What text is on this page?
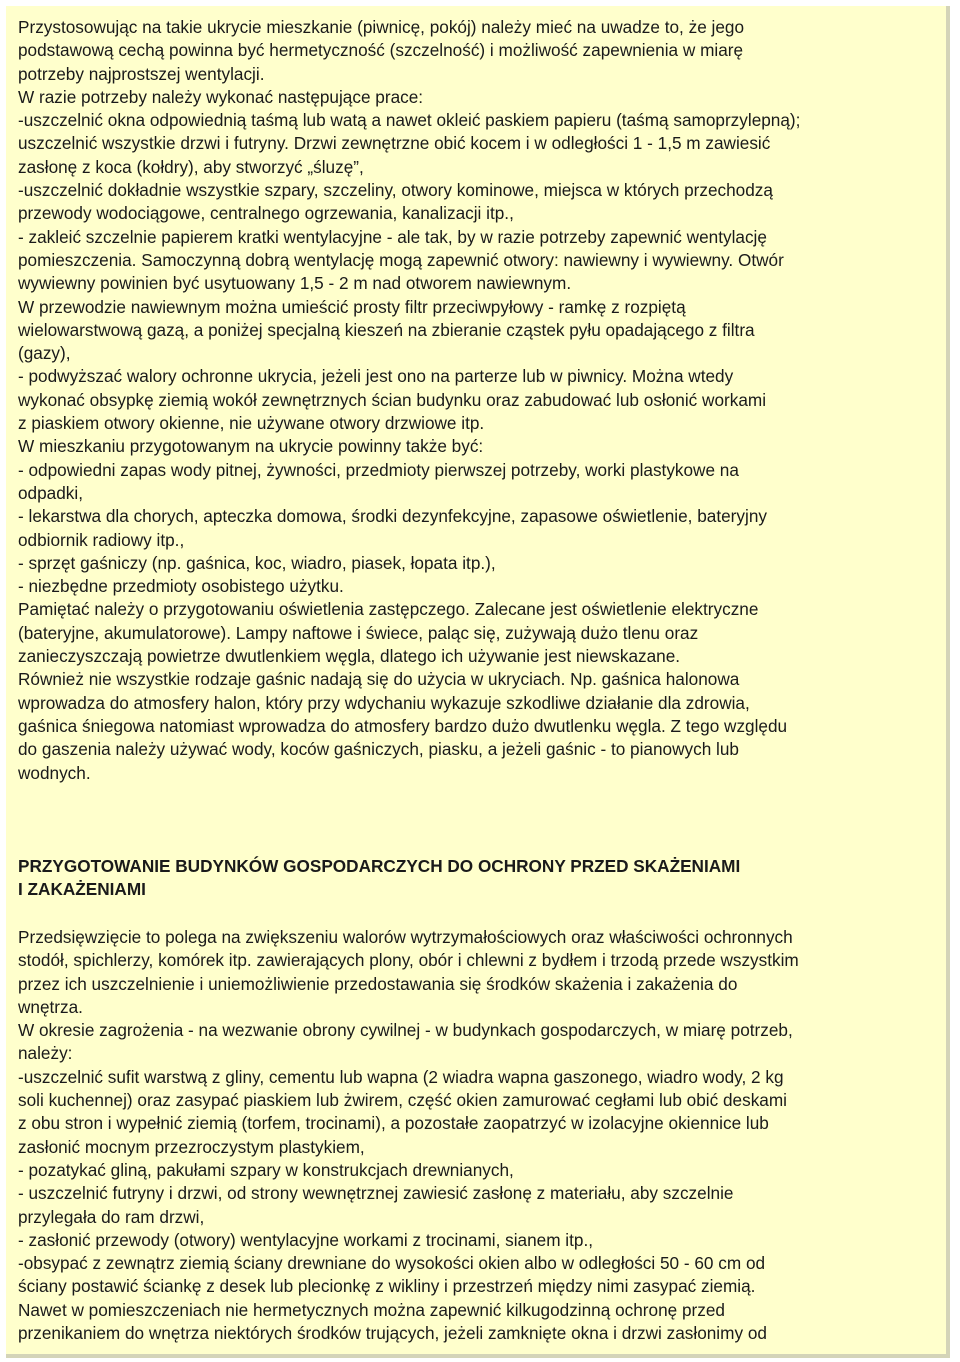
Przystosowując na takie ukrycie mieszkanie (piwnicę, pokój) należy mieć na uwadze to, że jego
podstawową cechą powinna być hermetyczność (szczelność) i możliwość zapewnienia w miarę
potrzeby najprostszej wentylacji.
W razie potrzeby należy wykonać następujące prace:
-uszczelnić okna odpowiednią taśmą lub watą a nawet okleić paskiem papieru (taśmą samoprzylepną);
uszczelnić wszystkie drzwi i futryny. Drzwi zewnętrzne obić kocem i w odległości 1 - 1,5 m zawiesić
zasłonę z koca (kołdry), aby stworzyć „śluzę”,
-uszczelnić dokładnie wszystkie szpary, szczeliny, otwory kominowe, miejsca w których przechodzą
przewody wodociągowe, centralnego ogrzewania, kanalizacji itp.,
- zakleić szczelnie papierem kratki wentylacyjne - ale tak, by w razie potrzeby zapewnić wentylację
pomieszczenia. Samoczynną dobrą wentylację mogą zapewnić otwory: nawiewny i wywiewny. Otwór
wywiewny powinien być usytuowany 1,5 - 2 m nad otworem nawiewnym.
W przewodzie nawiewnym można umieścić prosty filtr przeciwpyłowy - ramkę z rozpiętą
wielowarstwową gazą, a poniżej specjalną kieszeń na zbieranie cząstek pyłu opadającego z filtra
(gazy),
- podwyższać walory ochronne ukrycia, jeżeli jest ono na parterze lub w piwnicy. Można wtedy
wykonać obsypkę ziemią wokół zewnętrznych ścian budynku oraz zabudować lub osłonić workami
z piaskiem otwory okienne, nie używane otwory drzwiowe itp.
W mieszkaniu przygotowanym na ukrycie powinny także być:
- odpowiedni zapas wody pitnej, żywności, przedmioty pierwszej potrzeby, worki plastykowe na
odpadki,
- lekarstwa dla chorych, apteczka domowa, środki dezynfekcyjne, zapasowe oświetlenie, bateryjny
odbiornik radiowy itp.,
- sprzęt gaśniczy (np. gaśnica, koc, wiadro, piasek, łopata itp.),
- niezbędne przedmioty osobistego użytku.
Pamiętać należy o przygotowaniu oświetlenia zastępczego. Zalecane jest oświetlenie elektryczne
(bateryjne, akumulatorowe). Lampy naftowe i świece, paląc się, zużywają dużo tlenu oraz
zanieczyszczają powietrze dwutlenkiem węgla, dlatego ich używanie jest niewskazane.
Również nie wszystkie rodzaje gaśnic nadają się do użycia w ukryciach. Np. gaśnica halonowa
wprowadza do atmosfery halon, który przy wdychaniu wykazuje szkodliwe działanie dla zdrowia,
gaśnica śniegowa natomiast wprowadza do atmosfery bardzo dużo dwutlenku węgla. Z tego względu
do gaszenia należy używać wody, koców gaśniczych, piasku, a jeżeli gaśnic - to pianowych lub
wodnych.
PRZYGOTOWANIE BUDYNKÓW GOSPODARCZYCH DO OCHRONY PRZED SKAŻENIAMI
I ZAKAŻENIAMI
Przedsięwzięcie to polega na zwiększeniu walorów wytrzymałościowych oraz właściwości ochronnych
stodół, spichlerzy, komórek itp. zawierających plony, obór i chlewni z bydłem i trzodą przede wszystkim
przez ich uszczelnienie i uniemożliwienie przedostawania się środków skażenia i zakażenia do
wnętrza.
W okresie zagrożenia - na wezwanie obrony cywilnej - w budynkach gospodarczych, w miarę potrzeb,
należy:
-uszczelnić sufit warstwą z gliny, cementu lub wapna (2 wiadra wapna gaszonego, wiadro wody, 2 kg
soli kuchennej) oraz zasypać piaskiem lub żwirem, część okien zamurować cegłami lub obić deskami
z obu stron i wypełnić ziemią (torfem, trocinami), a pozostałe zaopatrzyć w izolacyjne okiennice lub
zasłonić mocnym przezroczystym plastykiem,
- pozatykać gliną, pakułami szpary w konstrukcjach drewnianych,
- uszczelnić futryny i drzwi, od strony wewnętrznej zawiesić zasłonę z materiału, aby szczelnie
przylegała do ram drzwi,
- zasłonić przewody (otwory) wentylacyjne workami z trocinami, sianem itp.,
-obsypać z zewnątrz ziemią ściany drewniane do wysokości okien albo w odległości 50 - 60 cm od
ściany postawić ściankę z desek lub plecionkę z wikliny i przestrzeń między nimi zasypać ziemią.
Nawet w pomieszczeniach nie hermetycznych można zapewnić kilkugodzinną ochronę przed
przenikaniem do wnętrza niektórych środków trujących, jeżeli zamknięte okna i drzwi zasłonimy od
